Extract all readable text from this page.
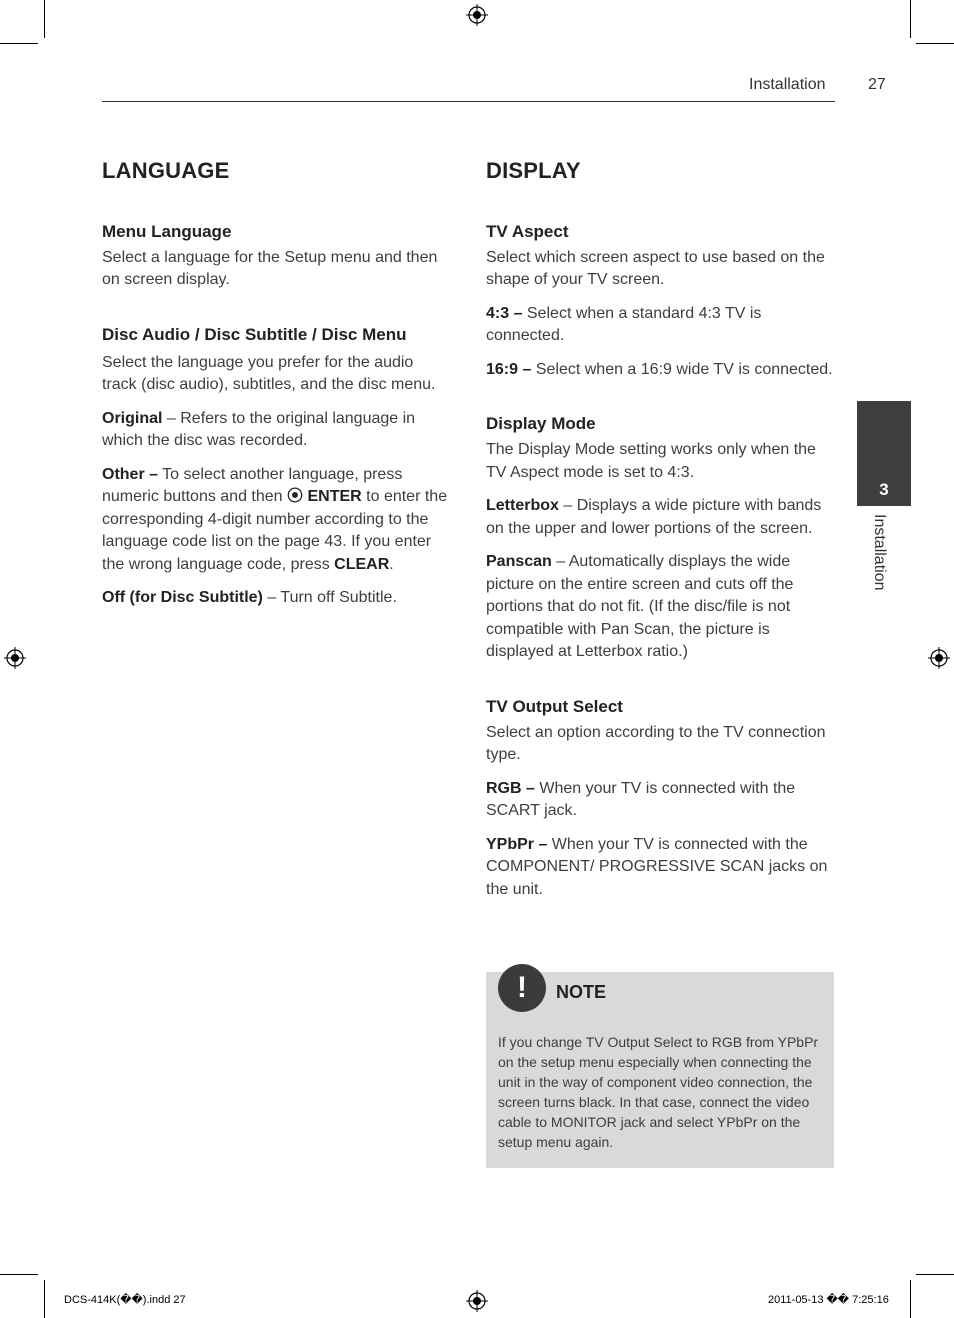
Installation	27
LANGUAGE
Menu Language

Select a language for the Setup menu and then on screen display.

Disc Audio / Disc Subtitle / Disc Menu

Select the language you prefer for the audio track (disc audio), subtitles, and the disc menu.

Original – Refers to the original language in which the disc was recorded.

Other – To select another language, press numeric buttons and then ⦿ ENTER to enter the corresponding 4-digit number according to the language code list on the page 43. If you enter the wrong language code, press CLEAR.

Off (for Disc Subtitle) – Turn off Subtitle.

DISPLAY
TV Aspect

Select which screen aspect to use based on the shape of your TV screen.

4:3 – Select when a standard 4:3 TV is connected.

16:9 – Select when a 16:9 wide TV is connected.

Display Mode

The Display Mode setting works only when the TV Aspect mode is set to 4:3.

Letterbox – Displays a wide picture with bands on the upper and lower portions of the screen.

Panscan – Automatically displays the wide picture on the entire screen and cuts off the portions that do not fit. (If the disc/file is not compatible with Pan Scan, the picture is displayed at Letterbox ratio.)

TV Output Select

Select an option according to the TV connection type.

RGB – When your TV is connected with the SCART jack.

YPbPr – When your TV is connected with the COMPONENT/ PROGRESSIVE SCAN jacks on the unit.

!	NOTE
If you change TV Output Select to RGB from YPbPr on the setup menu especially when connecting the unit in the way of component video connection, the screen turns black. In that case, connect the video cable to MONITOR jack and select YPbPr on the setup menu again.
3
Installation
DCS-414K(��).indd 27	2011-05-13 �� 7:25:16
